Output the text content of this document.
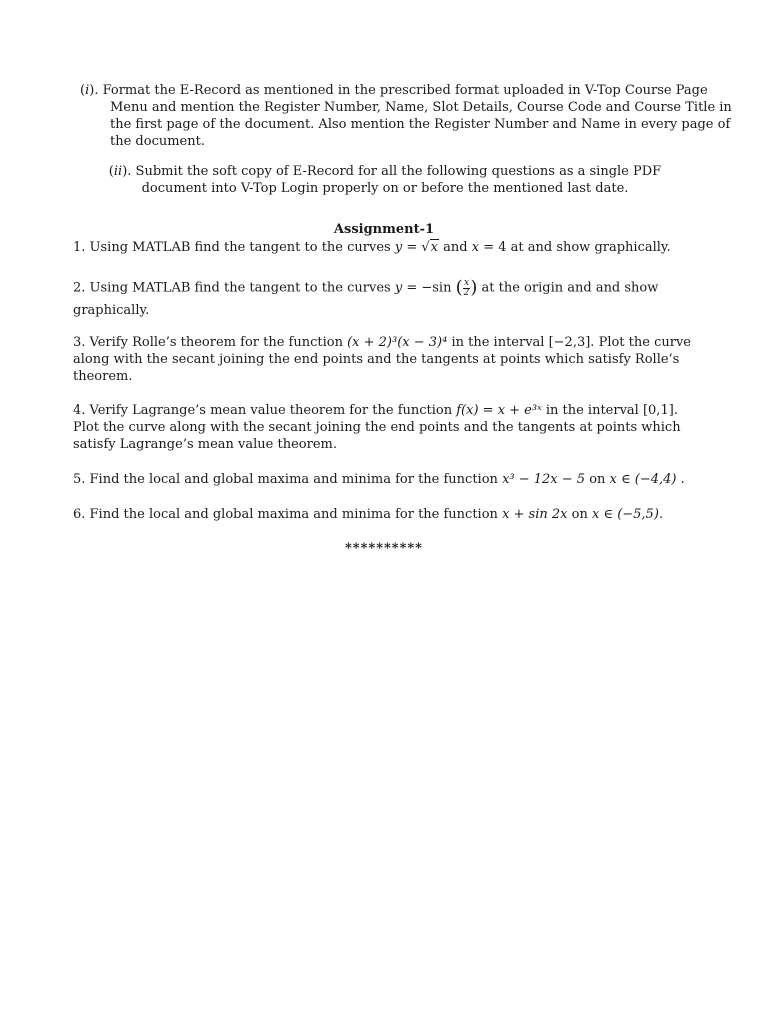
(i). Format the E-Record as mentioned in the prescribed format uploaded in V-Top Course Page Menu and mention the Register Number, Name, Slot Details, Course Code and Course Title in the first page of the document. Also mention the Register Number and Name in every page of the document.

(ii). Submit the soft copy of E-Record for all the following questions as a single PDF document into V-Top Login properly on or before the mentioned last date.

Assignment-1

1. Using MATLAB find the tangent to the curves y = √x and x = 4 at and show graphically.

2. Using MATLAB find the tangent to the curves y = −sin ( $\frac{x}{2}$ ) at the origin and and show graphically.

3. Verify Rolle’s theorem for the function (x + 2)³(x − 3)⁴ in the interval [−2,3]. Plot the curve along with the secant joining the end points and the tangents at points which satisfy Rolle’s theorem.

4. Verify Lagrange’s mean value theorem for the function f(x) = x + e³ˣ in the interval [0,1]. Plot the curve along with the secant joining the end points and the tangents at points which satisfy Lagrange’s mean value theorem.

5. Find the local and global maxima and minima for the function x³ − 12x − 5 on x ∈ (−4,4) .

6. Find the local and global maxima and minima for the function x + sin 2x on x ∈ (−5,5).

**********
